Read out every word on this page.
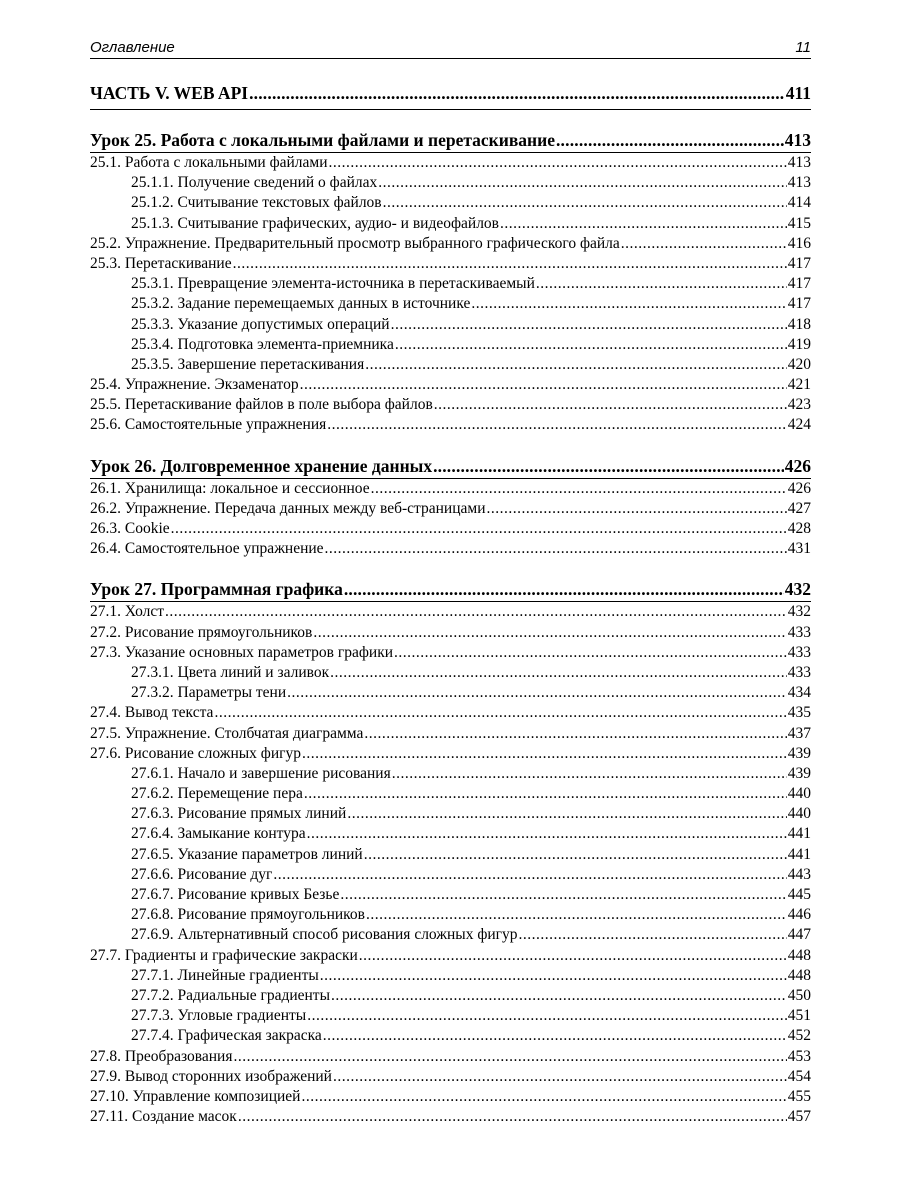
Оглавление	11
ЧАСТЬ V. WEB API .....	411
Урок 25. Работа с локальными файлами и перетаскивание .....	413
25.1. Работа с локальными файлами .....	413
25.1.1. Получение сведений о файлах .....	413
25.1.2. Считывание текстовых файлов .....	414
25.1.3. Считывание графических, аудио- и видеофайлов .....	415
25.2. Упражнение. Предварительный просмотр выбранного графического файла .....	416
25.3. Перетаскивание .....	417
25.3.1. Превращение элемента-источника в перетаскиваемый .....	417
25.3.2. Задание перемещаемых данных в источнике .....	417
25.3.3. Указание допустимых операций .....	418
25.3.4. Подготовка элемента-приемника .....	419
25.3.5. Завершение перетаскивания .....	420
25.4. Упражнение. Экзаменатор .....	421
25.5. Перетаскивание файлов в поле выбора файлов .....	423
25.6. Самостоятельные упражнения .....	424
Урок 26. Долговременное хранение данных .....	426
26.1. Хранилища: локальное и сессионное .....	426
26.2. Упражнение. Передача данных между веб-страницами .....	427
26.3. Cookie .....	428
26.4. Самостоятельное упражнение .....	431
Урок 27. Программная графика .....	432
27.1. Холст .....	432
27.2. Рисование прямоугольников .....	433
27.3. Указание основных параметров графики .....	433
27.3.1. Цвета линий и заливок .....	433
27.3.2. Параметры тени .....	434
27.4. Вывод текста .....	435
27.5. Упражнение. Столбчатая диаграмма .....	437
27.6. Рисование сложных фигур .....	439
27.6.1. Начало и завершение рисования .....	439
27.6.2. Перемещение пера .....	440
27.6.3. Рисование прямых линий .....	440
27.6.4. Замыкание контура .....	441
27.6.5. Указание параметров линий .....	441
27.6.6. Рисование дуг .....	443
27.6.7. Рисование кривых Безье .....	445
27.6.8. Рисование прямоугольников .....	446
27.6.9. Альтернативный способ рисования сложных фигур .....	447
27.7. Градиенты и графические закраски .....	448
27.7.1. Линейные градиенты .....	448
27.7.2. Радиальные градиенты .....	450
27.7.3. Угловые градиенты .....	451
27.7.4. Графическая закраска .....	452
27.8. Преобразования .....	453
27.9. Вывод сторонних изображений .....	454
27.10. Управление композицией .....	455
27.11. Создание масок .....	457
